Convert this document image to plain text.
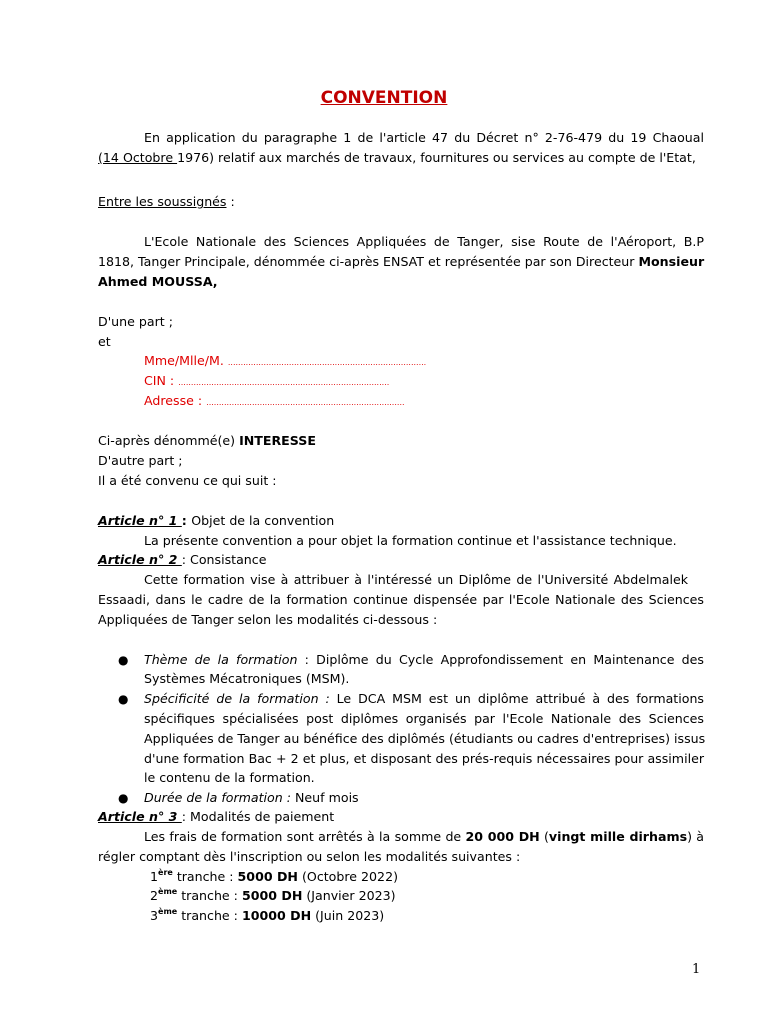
CONVENTION
En application du paragraphe 1 de l'article 47 du Décret n° 2-76-479 du 19 Chaoual
(14 Octobre 1976) relatif aux marchés de travaux, fournitures ou services au compte de l'Etat,
Entre les soussignés :
L'Ecole Nationale des Sciences Appliquées de Tanger, sise Route de l'Aéroport, B.P
1818, Tanger Principale, dénommée ci-après ENSAT et représentée par son Directeur Monsieur
Ahmed MOUSSA,
D'une part ;
et
Mme/Mlle/M. ..............................................................................
CIN : ...................................................................................
Adresse : ..............................................................................
Ci-après dénommé(e) INTERESSE
D'autre part ;
Il a été convenu ce qui suit :
Article n° 1 : Objet de la convention
La présente convention a pour objet la formation continue et l'assistance technique.
Article n° 2 : Consistance
Cette formation vise à attribuer à l'intéressé un Diplôme de l'Université Abdelmalek
Essaadi, dans le cadre de la formation continue dispensée par l'Ecole Nationale des Sciences
Appliquées de Tanger selon les modalités ci-dessous :
● Thème de la formation : Diplôme du Cycle Approfondissement en Maintenance des
Systèmes Mécatroniques (MSM).
● Spécificité de la formation : Le DCA MSM est un diplôme attribué à des formations
spécifiques spécialisées post diplômes organisés par l'Ecole Nationale des Sciences
Appliquées de Tanger au bénéfice des diplômés (étudiants ou cadres d'entreprises) issus
d'une formation Bac + 2 et plus, et disposant des prés-requis nécessaires pour assimiler
le contenu de la formation.
● Durée de la formation : Neuf mois
Article n° 3 : Modalités de paiement
Les frais de formation sont arrêtés à la somme de 20 000 DH (vingt mille dirhams) à
régler comptant dès l'inscription ou selon les modalités suivantes :
1ère tranche : 5000 DH (Octobre 2022)
2ème tranche : 5000 DH (Janvier 2023)
3ème tranche : 10000 DH (Juin 2023)
1
